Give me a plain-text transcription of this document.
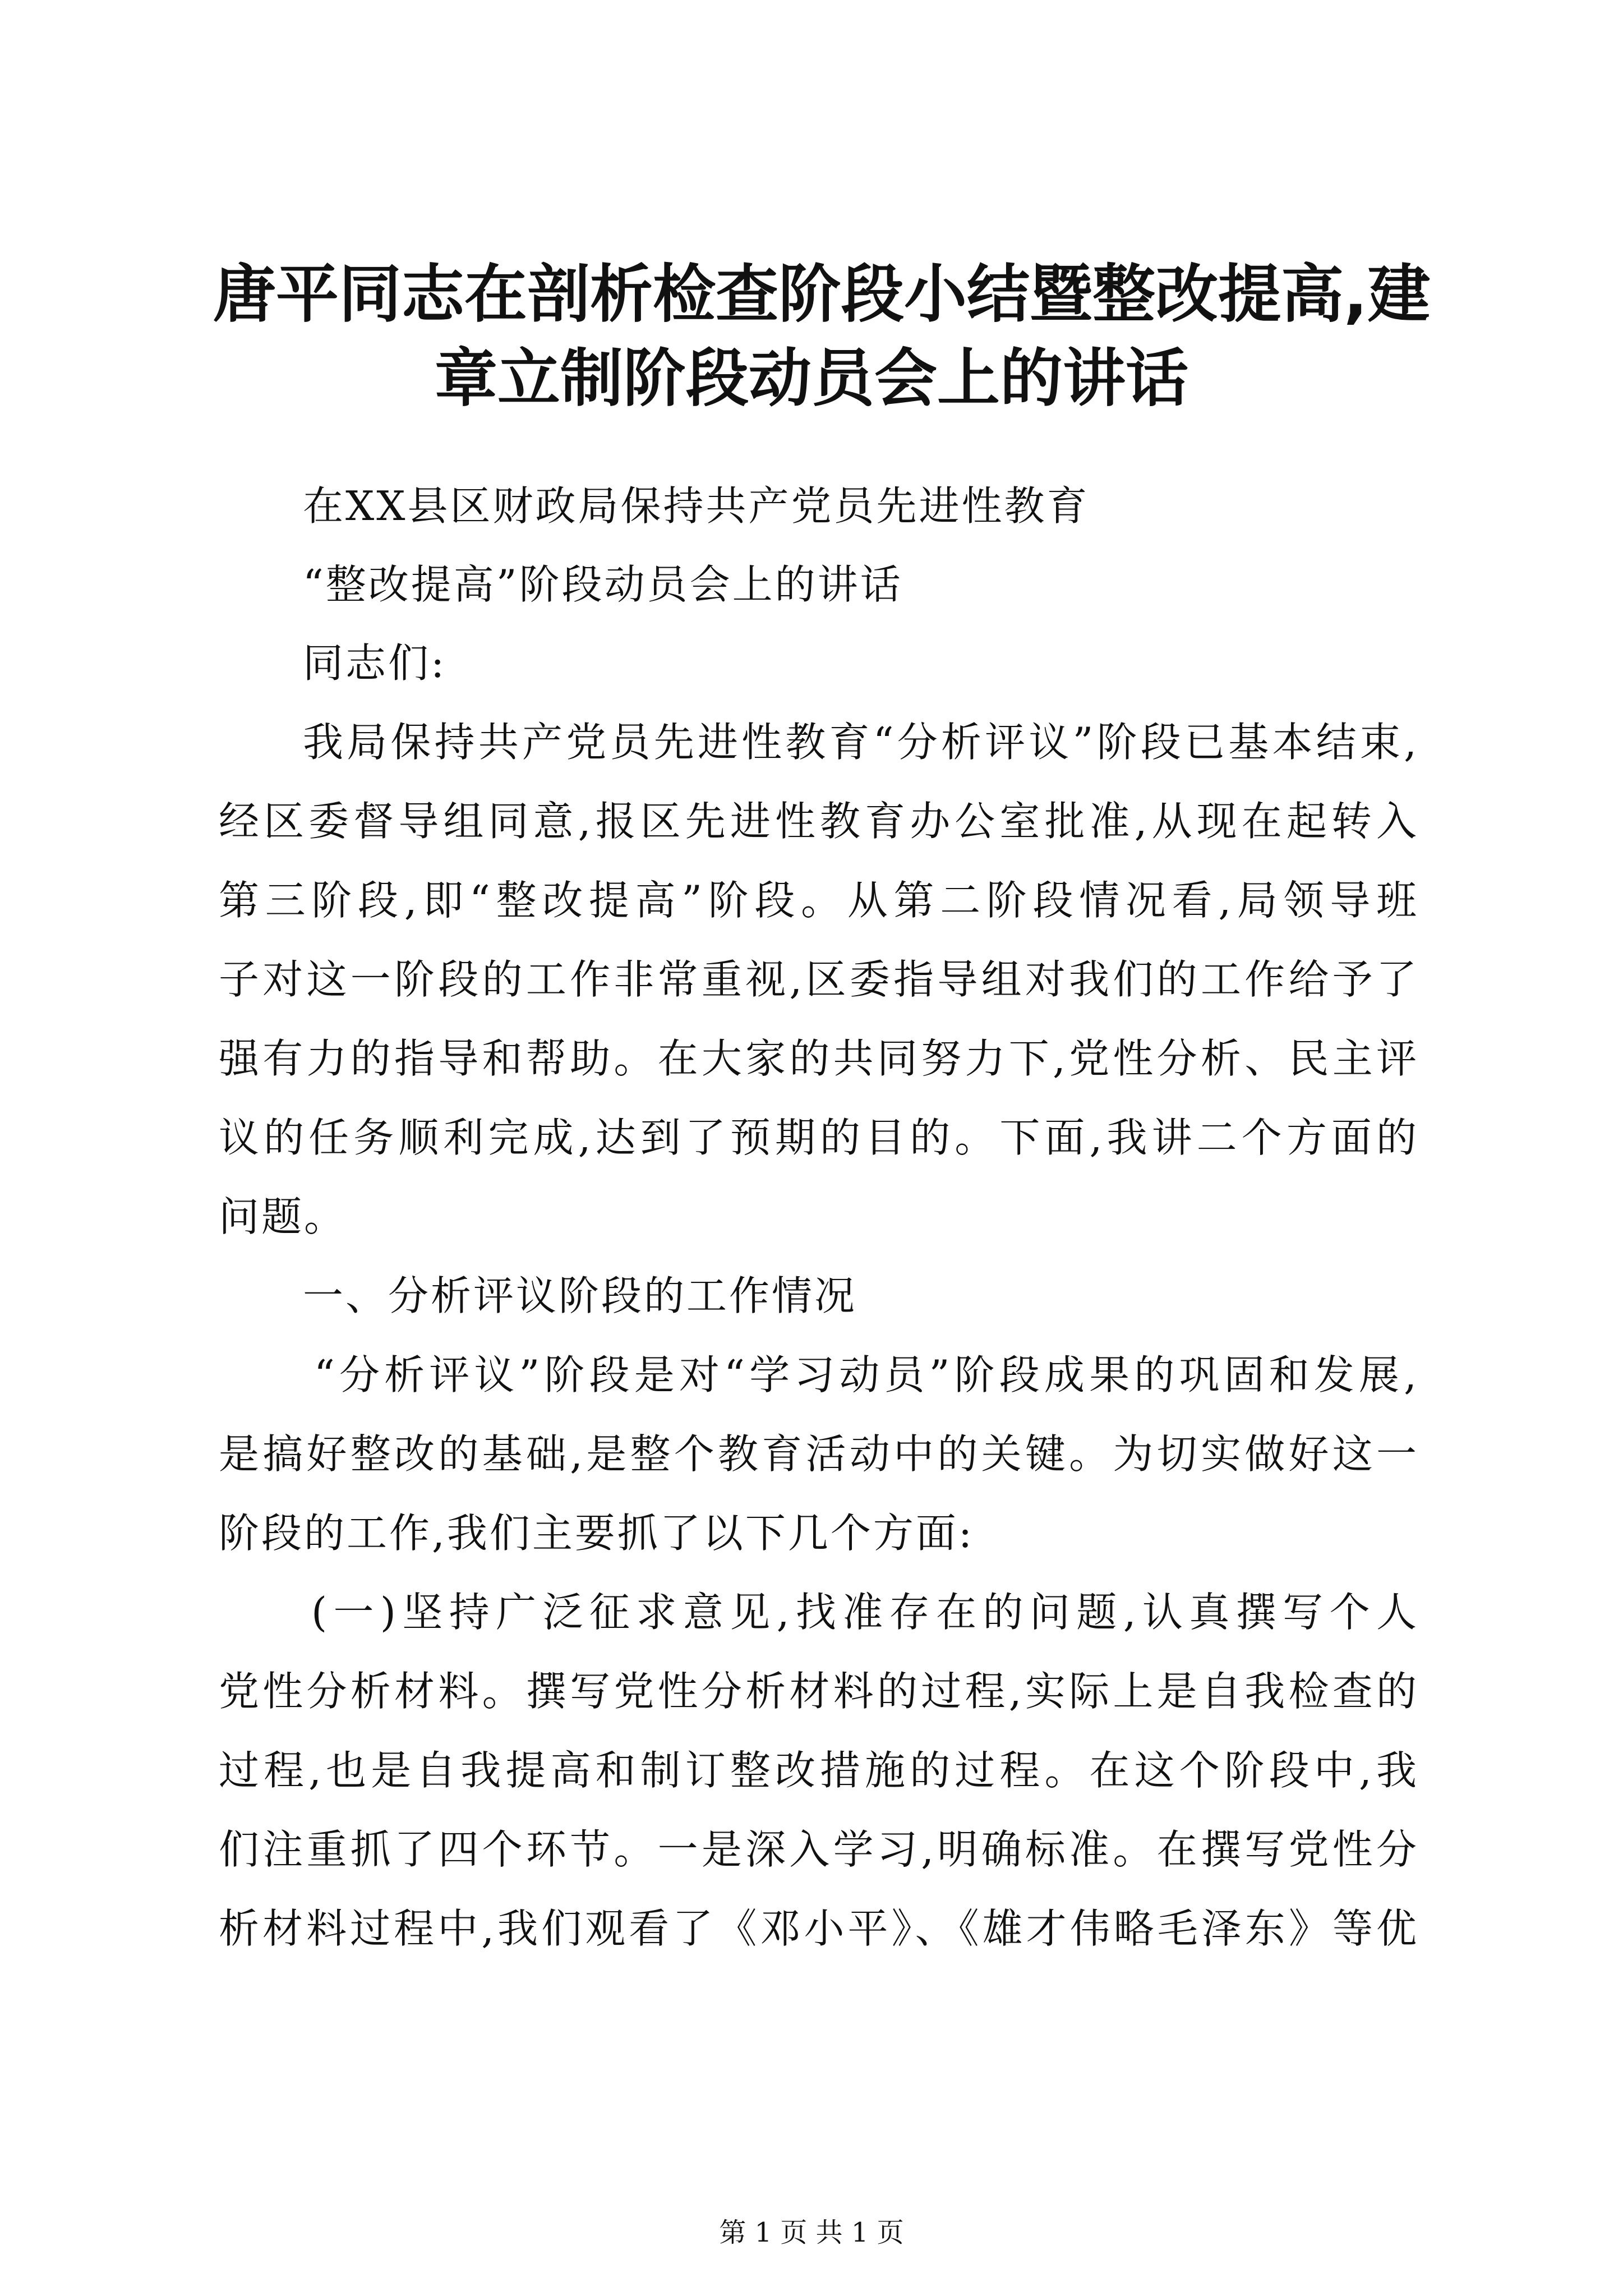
唐平同志在剖析检查阶段小结暨整改提高,建
章立制阶段动员会上的讲话

在XX县区财政局保持共产党员先进性教育

“整改提高”阶段动员会上的讲话

同志们:

我局保持共产党员先进性教育“分析评议”阶段已基本结束,

经区委督导组同意,报区先进性教育办公室批准,从现在起转入

第三阶段,即“整改提高”阶段。从第二阶段情况看,局领导班

子对这一阶段的工作非常重视,区委指导组对我们的工作给予了

强有力的指导和帮助。在大家的共同努力下,党性分析、民主评

议的任务顺利完成,达到了预期的目的。下面,我讲二个方面的

问题。

一、分析评议阶段的工作情况

“分析评议”阶段是对“学习动员”阶段成果的巩固和发展,

是搞好整改的基础,是整个教育活动中的关键。为切实做好这一

阶段的工作,我们主要抓了以下几个方面:

(一)坚持广泛征求意见,找准存在的问题,认真撰写个人

党性分析材料。撰写党性分析材料的过程,实际上是自我检查的

过程,也是自我提高和制订整改措施的过程。在这个阶段中,我

们注重抓了四个环节。一是深入学习,明确标准。在撰写党性分

析材料过程中,我们观看了《邓小平》、《雄才伟略毛泽东》等优

第 1 页 共 1 页
